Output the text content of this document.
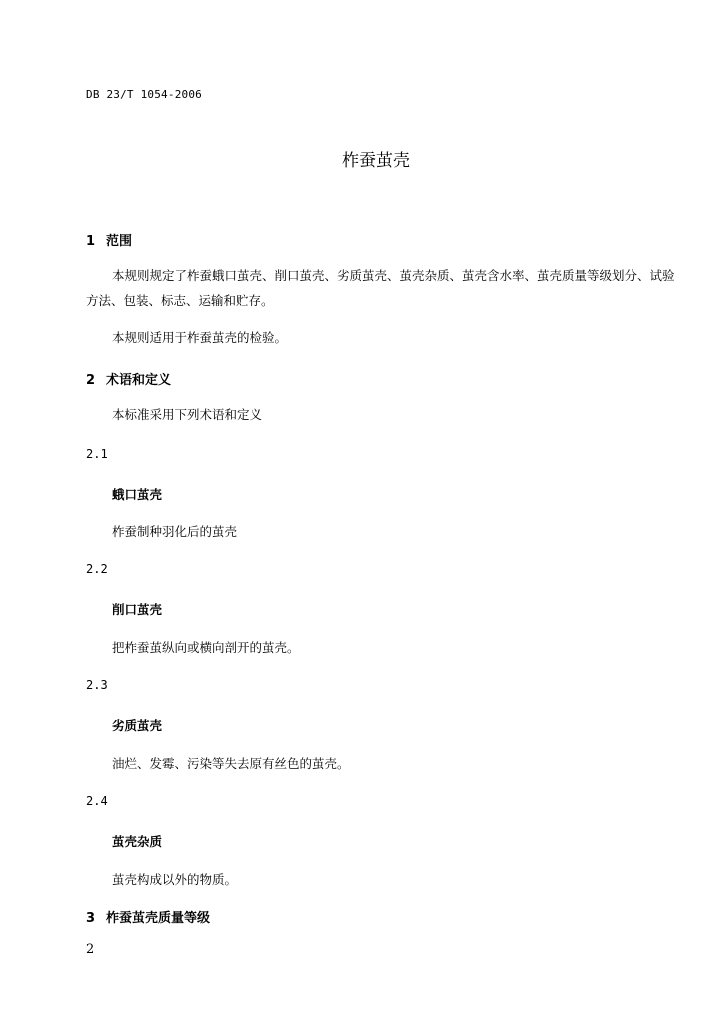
DB 23/T 1054-2006
柞蚕茧壳
1 范围

本规则规定了柞蚕蛾口茧壳、削口茧壳、劣质茧壳、茧壳杂质、茧壳含水率、茧壳质量等级划分、试验方法、包装、标志、运输和贮存。

本规则适用于柞蚕茧壳的检验。

2 术语和定义

本标准采用下列术语和定义

2.1
蛾口茧壳
柞蚕制种羽化后的茧壳
2.2
削口茧壳
把柞蚕茧纵向或横向剖开的茧壳。
2.3
劣质茧壳
油烂、发霉、污染等失去原有丝色的茧壳。
2.4
茧壳杂质
茧壳构成以外的物质。
3 柞蚕茧壳质量等级
2
